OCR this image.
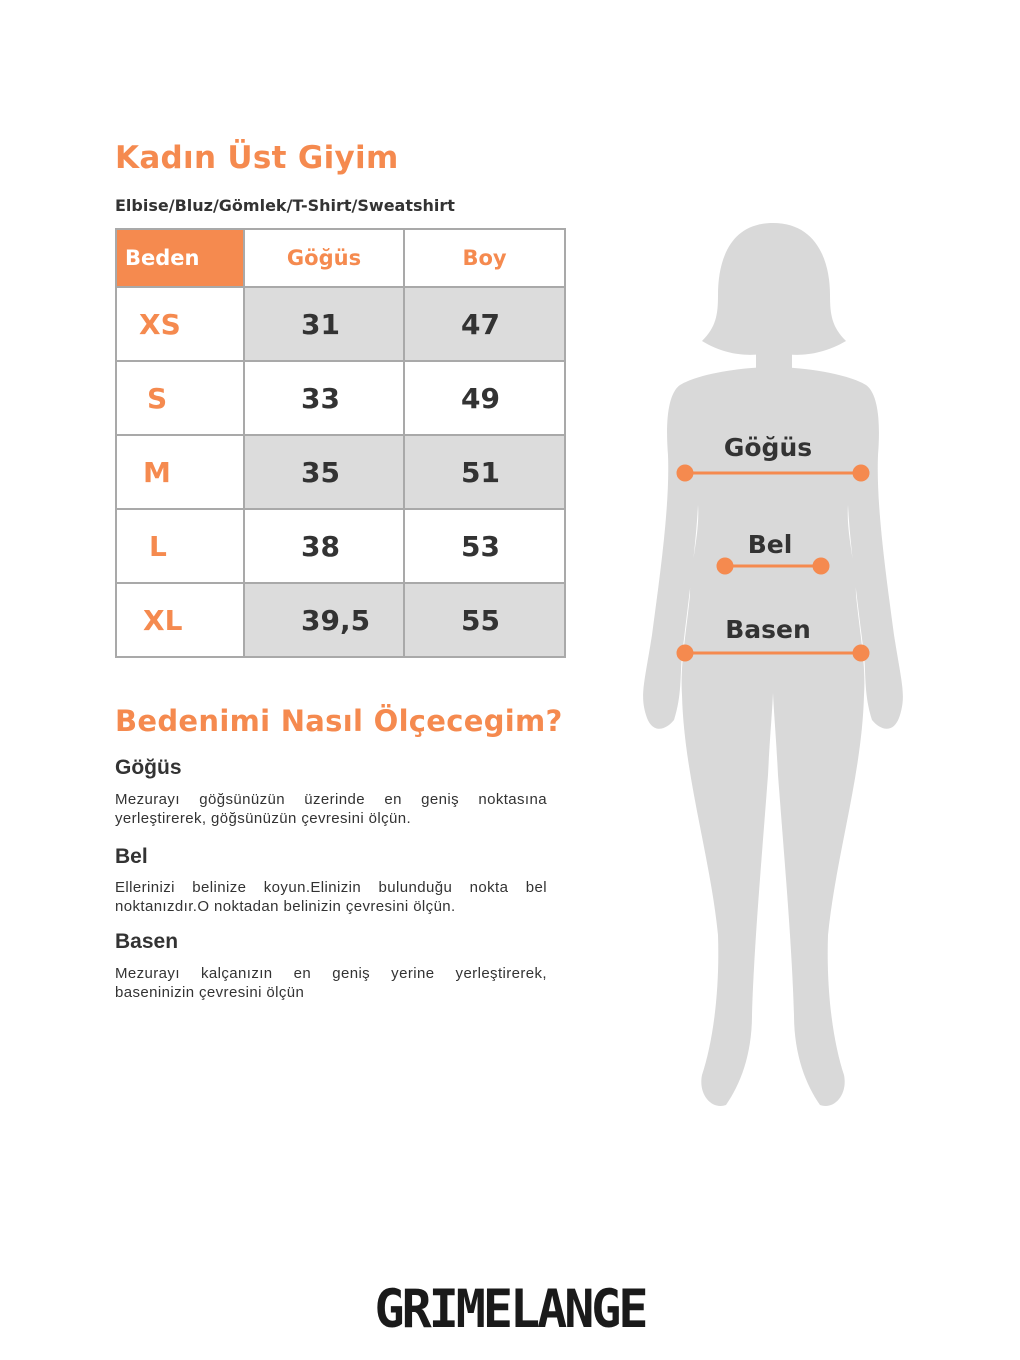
Kadın Üst Giyim

Elbise/Bluz/Gömlek/T-Shirt/Sweatshirt

Beden	Göğüs	Boy
XS	31	47
S	33	49
M	35	51
L	38	53
XL	39,5	55
Bedenimi Nasıl Ölçecegim?
Göğüs

Mezurayı göğsünüzün üzerinde en geniş noktasına yerleştirerek, göğsünüzün çevresini ölçün.

Bel

Ellerinizi belinize koyun.Elinizin bulunduğu nokta bel noktanızdır.O noktadan belinizin çevresini ölçün.

Basen

Mezurayı kalçanızın en geniş yerine yerleştirerek, baseninizin çevresini ölçün

Göğüs

Bel

Basen

GRIMELANGE
